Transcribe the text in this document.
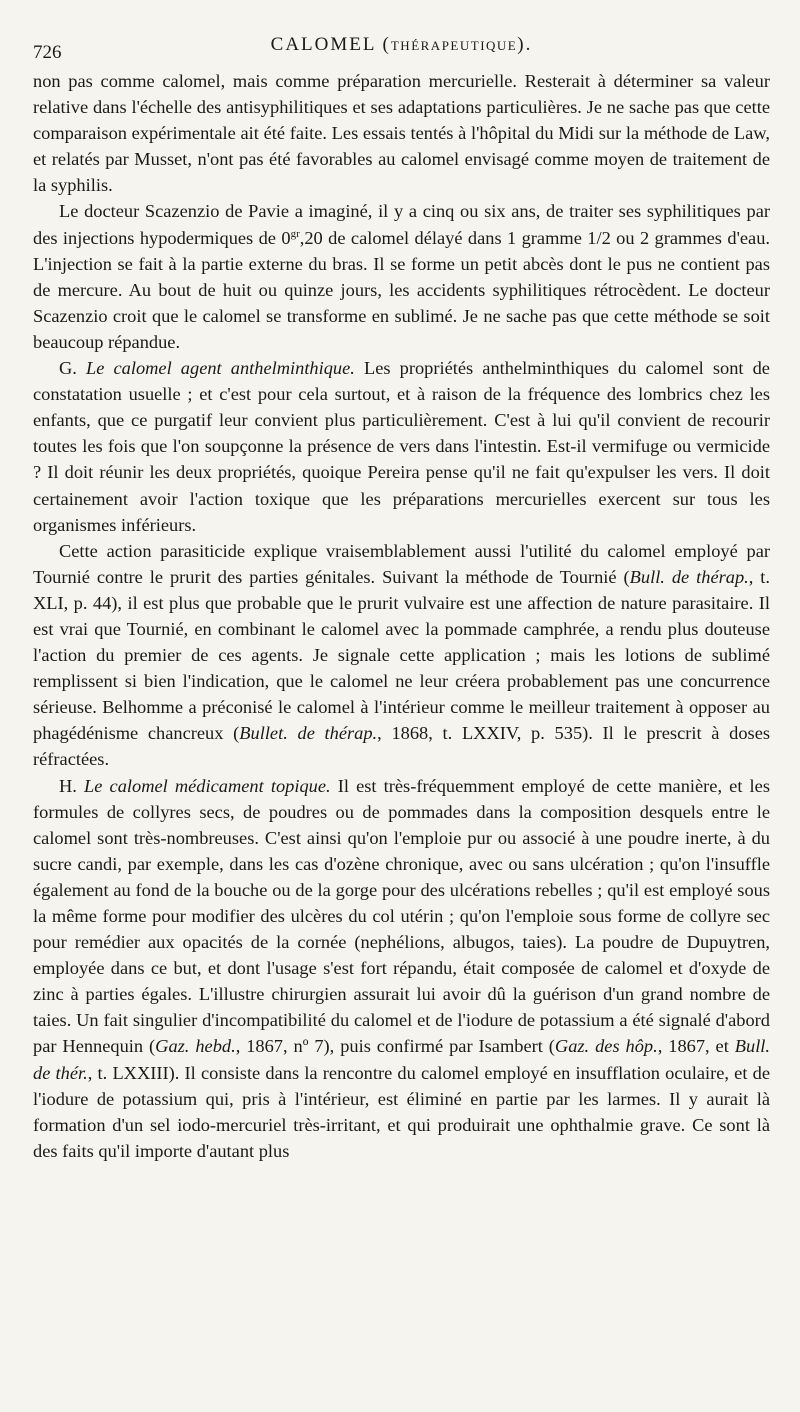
726	CALOMEL (THÉRAPEUTIQUE).

non pas comme calomel, mais comme préparation mercurielle. Resterait à déterminer sa valeur relative dans l'échelle des antisyphilitiques et ses adaptations particulières. Je ne sache pas que cette comparaison expérimentale ait été faite. Les essais tentés à l'hôpital du Midi sur la méthode de Law, et relatés par Musset, n'ont pas été favorables au calomel envisagé comme moyen de traitement de la syphilis.

Le docteur Scazenzio de Pavie a imaginé, il y a cinq ou six ans, de traiter ses syphilitiques par des injections hypodermiques de $0^{gr},20$ de calomel délayé dans 1 gramme 1/2 ou 2 grammes d'eau. L'injection se fait à la partie externe du bras. Il se forme un petit abcès dont le pus ne contient pas de mercure. Au bout de huit ou quinze jours, les accidents syphilitiques rétrocèdent. Le docteur Scazenzio croit que le calomel se transforme en sublimé. Je ne sache pas que cette méthode se soit beaucoup répandue.

G. Le calomel agent anthelminthique. Les propriétés anthelminthiques du calomel sont de constatation usuelle ; et c'est pour cela surtout, et à raison de la fréquence des lombrics chez les enfants, que ce purgatif leur convient plus particulièrement. C'est à lui qu'il convient de recourir toutes les fois que l'on soupçonne la présence de vers dans l'intestin. Est-il vermifuge ou vermicide ? Il doit réunir les deux propriétés, quoique Pereira pense qu'il ne fait qu'expulser les vers. Il doit certainement avoir l'action toxique que les préparations mercurielles exercent sur tous les organismes inférieurs.

Cette action parasiticide explique vraisemblablement aussi l'utilité du calomel employé par Tournié contre le prurit des parties génitales. Suivant la méthode de Tournié (Bull. de thérap., t. XLI, p. 44), il est plus que probable que le prurit vulvaire est une affection de nature parasitaire. Il est vrai que Tournié, en combinant le calomel avec la pommade camphrée, a rendu plus douteuse l'action du premier de ces agents. Je signale cette application ; mais les lotions de sublimé remplissent si bien l'indication, que le calomel ne leur créera probablement pas une concurrence sérieuse. Belhomme a préconisé le calomel à l'intérieur comme le meilleur traitement à opposer au phagédénisme chancreux (Bullet. de thérap., 1868, t. LXXIV, p. 535). Il le prescrit à doses réfractées.

H. Le calomel médicament topique. Il est très-fréquemment employé de cette manière, et les formules de collyres secs, de poudres ou de pommades dans la composition desquels entre le calomel sont très-nombreuses. C'est ainsi qu'on l'emploie pur ou associé à une poudre inerte, à du sucre candi, par exemple, dans les cas d'ozène chronique, avec ou sans ulcération ; qu'on l'insuffle également au fond de la bouche ou de la gorge pour des ulcérations rebelles ; qu'il est employé sous la même forme pour modifier des ulcères du col utérin ; qu'on l'emploie sous forme de collyre sec pour remédier aux opacités de la cornée (nephélions, albugos, taies). La poudre de Dupuytren, employée dans ce but, et dont l'usage s'est fort répandu, était composée de calomel et d'oxyde de zinc à parties égales. L'illustre chirurgien assurait lui avoir dû la guérison d'un grand nombre de taies. Un fait singulier d'incompatibilité du calomel et de l'iodure de potassium a été signalé d'abord par Hennequin (Gaz. hebd., 1867, nº 7), puis confirmé par Isambert (Gaz. des hôp., 1867, et Bull. de thér., t. LXXIII). Il consiste dans la rencontre du calomel employé en insufflation oculaire, et de l'iodure de potassium qui, pris à l'intérieur, est éliminé en partie par les larmes. Il y aurait là formation d'un sel iodo-mercuriel très-irritant, et qui produirait une ophthalmie grave. Ce sont là des faits qu'il importe d'autant plus
